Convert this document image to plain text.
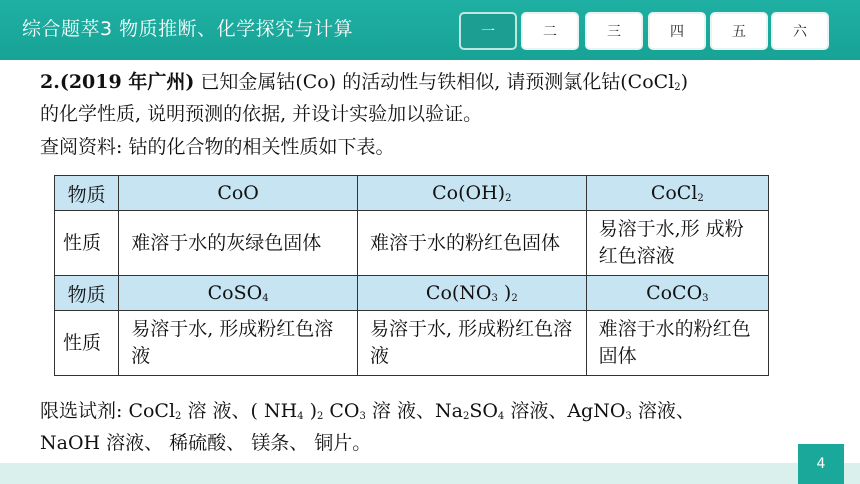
综合题萃3 物质推断、化学探究与计算	一	二	三	四	五	六
2.(2019 年广州) 已知金属钴(Co) 的活动性与铁相似, 请预测氯化钴(CoCl$_2$)
的化学性质, 说明预测的依据, 并设计实验加以验证。
查阅资料: 钴的化合物的相关性质如下表。
物质	CoO	$Co(OH)_2$	CoCl$_2$
性质	难溶于水的灰绿色固体	难溶于水的粉红色固体	易溶于水,形 成粉 红色溶液
物质	CoSO$_4$	$Co(NO_3$ )$_2$	CoCO$_3$
性质	易溶于水, 形成粉红色溶液	易溶于水, 形成粉红色溶液	难溶于水的粉红色固体
限选试剂: CoCl$_2$ 溶 液、( $NH_4$ )$_2$ $CO_3$ 溶 液、$Na_2SO_4$ 溶液、AgNO$_3$ 溶液、
NaOH 溶液、 稀硫酸、 镁条、 铜片。
4
